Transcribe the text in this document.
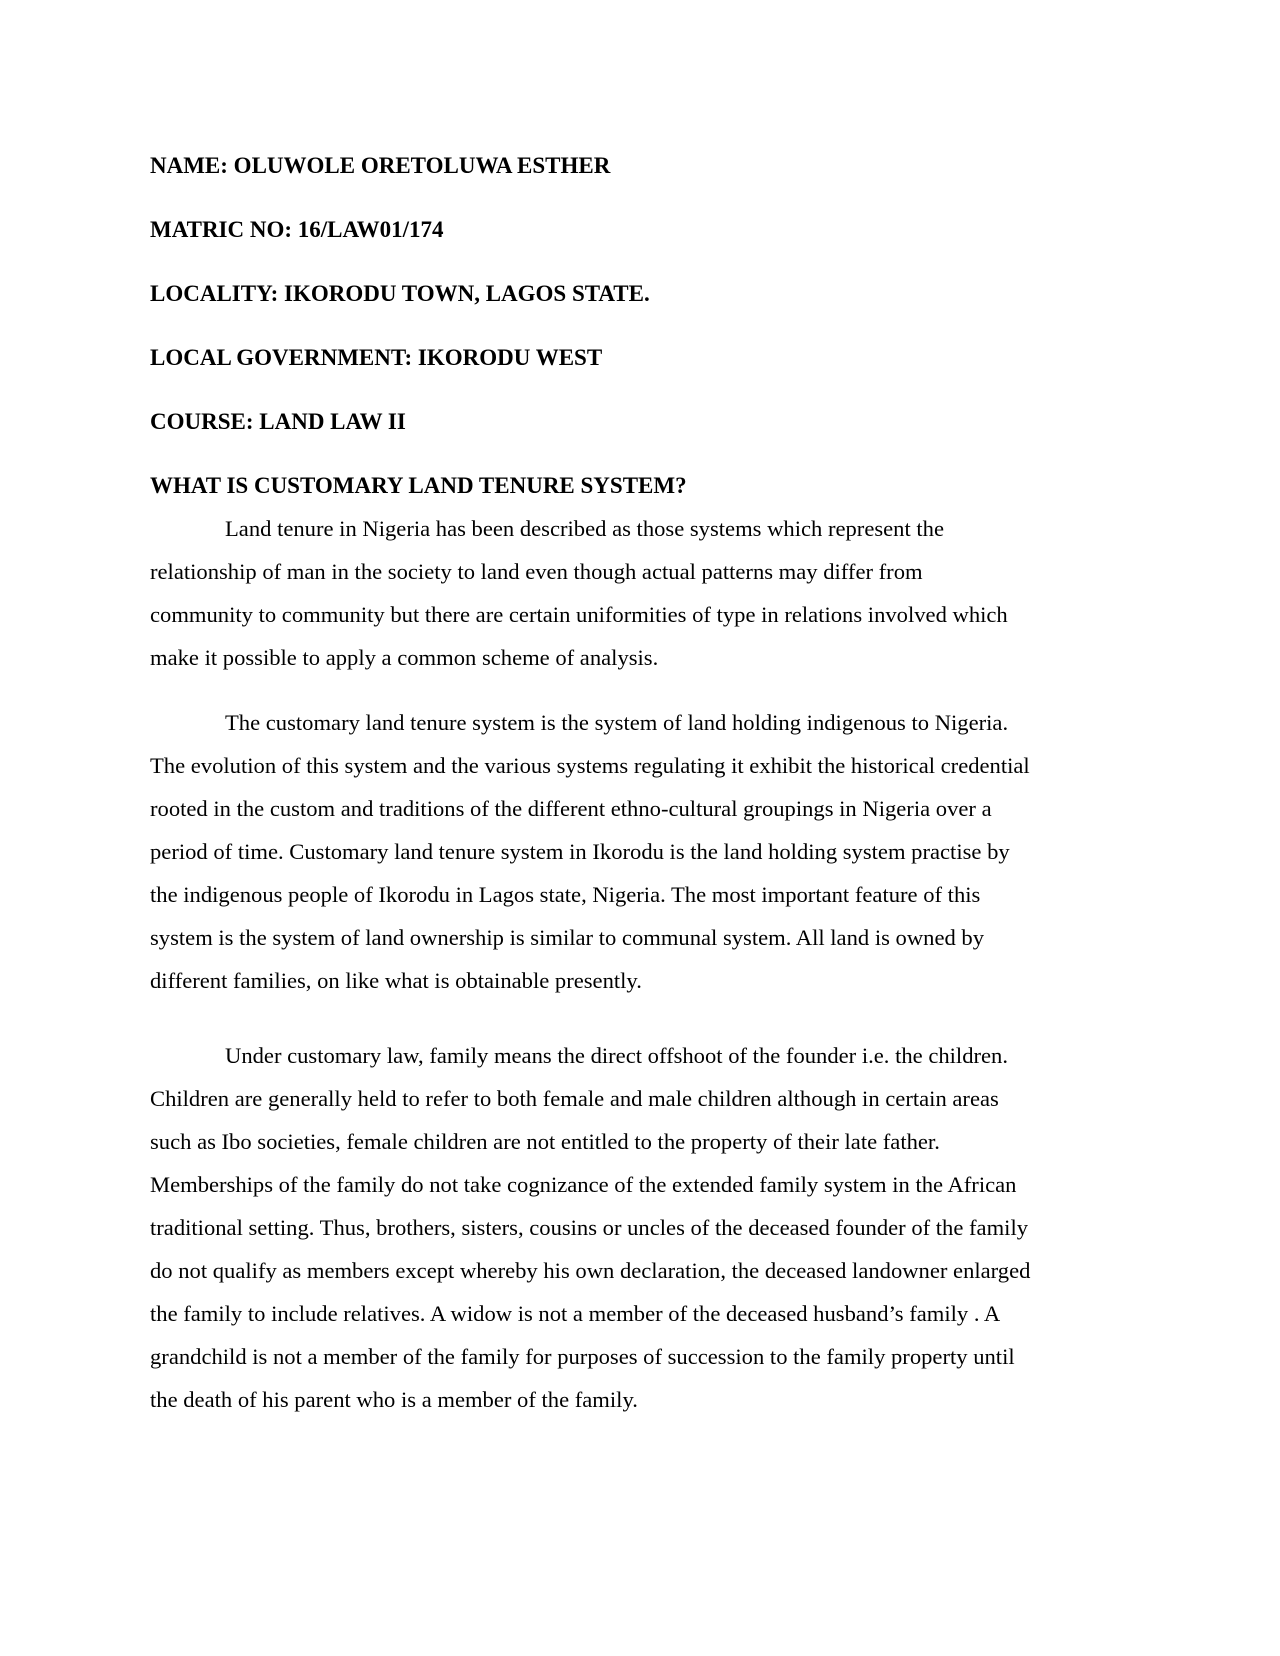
NAME: OLUWOLE ORETOLUWA ESTHER
MATRIC NO: 16/LAW01/174
LOCALITY: IKORODU TOWN, LAGOS STATE.
LOCAL GOVERNMENT: IKORODU WEST
COURSE: LAND LAW II
WHAT IS CUSTOMARY LAND TENURE SYSTEM?
Land tenure in Nigeria has been described as those systems which represent the
relationship of man in the society to land even though actual patterns may differ from
community to community but there are certain uniformities of type in relations involved which
make it possible to apply a common scheme of analysis.
The customary land tenure system is the system of land holding indigenous to Nigeria.
The evolution of this system and the various systems regulating it exhibit the historical credential
rooted in the custom and traditions of the different ethno-cultural groupings in Nigeria over a
period of time. Customary land tenure system in Ikorodu is the land holding system practise by
the indigenous people of Ikorodu in Lagos state, Nigeria. The most important feature of this
system is the system of land ownership is similar to communal system. All land is owned by
different families, on like what is obtainable presently.
Under customary law, family means the direct offshoot of the founder i.e. the children.
Children are generally held to refer to both female and male children although in certain areas
such as Ibo societies, female children are not entitled to the property of their late father.
Memberships of the family do not take cognizance of the extended family system in the African
traditional setting. Thus, brothers, sisters, cousins or uncles of the deceased founder of the family
do not qualify as members except whereby his own declaration, the deceased landowner enlarged
the family to include relatives. A widow is not a member of the deceased husband’s family . A
grandchild is not a member of the family for purposes of succession to the family property until
the death of his parent who is a member of the family.
